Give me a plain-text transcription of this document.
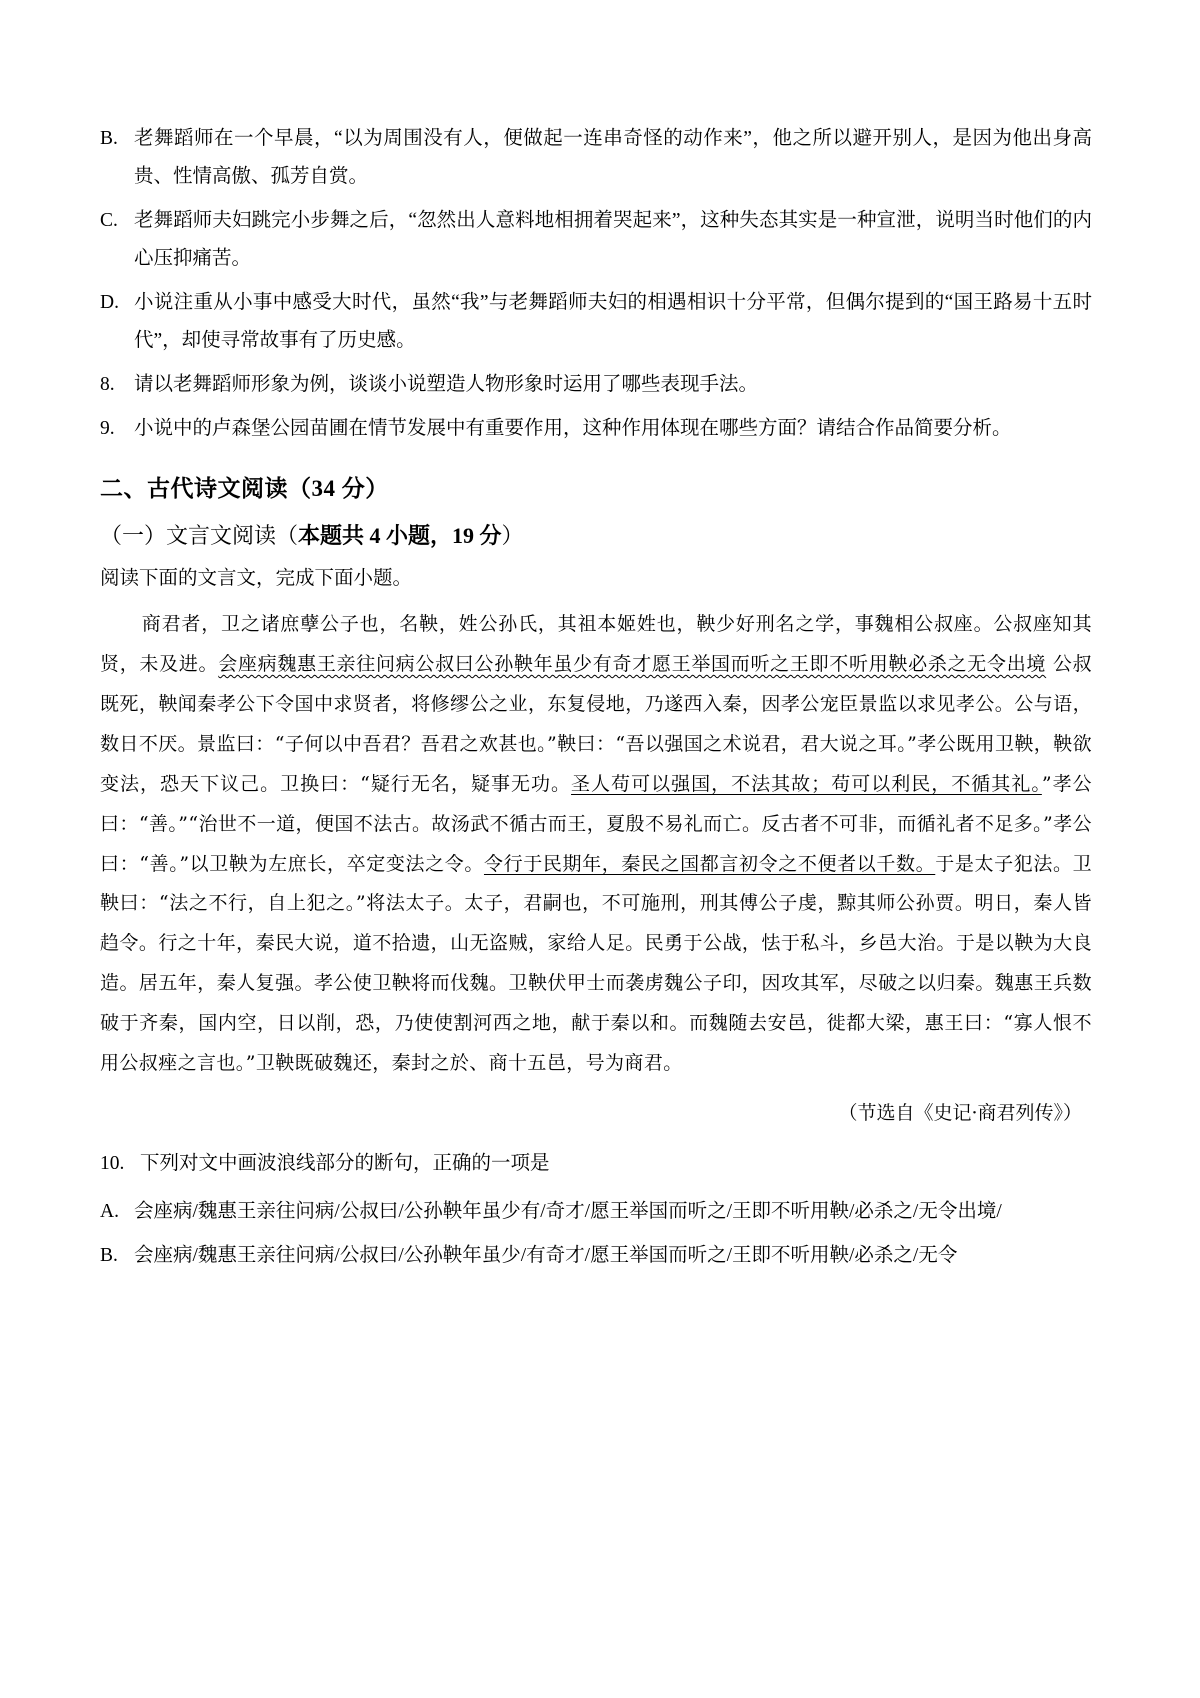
B. 老舞蹈师在一个早晨，“以为周围没有人，便做起一连串奇怪的动作来”，他之所以避开别人，是因为他出身高贵、性情高傲、孤芳自赏。
C. 老舞蹈师夫妇跳完小步舞之后，“忽然出人意料地相拥着哭起来”，这种失态其实是一种宣泄，说明当时他们的内心压抑痛苦。
D. 小说注重从小事中感受大时代，虽然“我”与老舞蹈师夫妇的相遇相识十分平常，但偶尔提到的“国王路易十五时代”，却使寻常故事有了历史感。
8. 请以老舞蹈师形象为例，谈谈小说塑造人物形象时运用了哪些表现手法。
9. 小说中的卢森堡公园苗圃在情节发展中有重要作用，这种作用体现在哪些方面？请结合作品简要分析。
二、古代诗文阅读（34 分）
（一）文言文阅读（本题共 4 小题，19 分）
阅读下面的文言文，完成下面小题。
商君者，卫之诸庶孽公子也，名鞅，姓公孙氏，其祖本姬姓也，鞅少好刑名之学，事魏相公叔座。公叔座知其贤，未及进。会座病魏惠王亲往问病公叔曰公孙鞅年虽少有奇才愿王举国而听之王即不听用鞅必杀之无令出境 公叔既死，鞅闻秦孝公下令国中求贤者，将修缪公之业，东复侵地，乃遂西入秦，因孝公宠臣景监以求见孝公。公与语，数日不厌。景监曰：“子何以中吾君？吾君之欢甚也。”鞅曰：“吾以强国之术说君，君大说之耳。”孝公既用卫鞅，鞅欲变法，恐天下议己。卫换曰：“疑行无名，疑事无功。圣人苟可以强国，不法其故；苟可以利民，不循其礼。”孝公曰：“善。”“治世不一道，便国不法古。故汤武不循古而王，夏殷不易礼而亡。反古者不可非，而循礼者不足多。”孝公曰：“善。”以卫鞅为左庶长，卒定变法之令。令行于民期年，秦民之国都言初令之不便者以千数。于是太子犯法。卫鞅曰：“法之不行，自上犯之。”将法太子。太子，君嗣也，不可施刑，刑其傅公子虔，黥其师公孙贾。明日，秦人皆趋令。行之十年，秦民大说，道不拾遗，山无盗贼，家给人足。民勇于公战，怯于私斗，乡邑大治。于是以鞅为大良造。居五年，秦人复强。孝公使卫鞅将而伐魏。卫鞅伏甲士而袭虏魏公子印，因攻其军，尽破之以归秦。魏惠王兵数破于齐秦，国内空，日以削，恐，乃使使割河西之地，献于秦以和。而魏随去安邑，徙都大梁，惠王曰：“寡人恨不用公叔痤之言也。”卫鞅既破魏还，秦封之於、商十五邑，号为商君。
（节选自《史记·商君列传》）
10. 下列对文中画波浪线部分的断句，正确的一项是
A. 会座病/魏惠王亲往问病/公叔曰/公孙鞅年虽少有/奇才/愿王举国而听之/王即不听用鞅/必杀之/无令出境/
B. 会座病/魏惠王亲往问病/公叔曰/公孙鞅年虽少/有奇才/愿王举国而听之/王即不听用鞅/必杀之/无令
